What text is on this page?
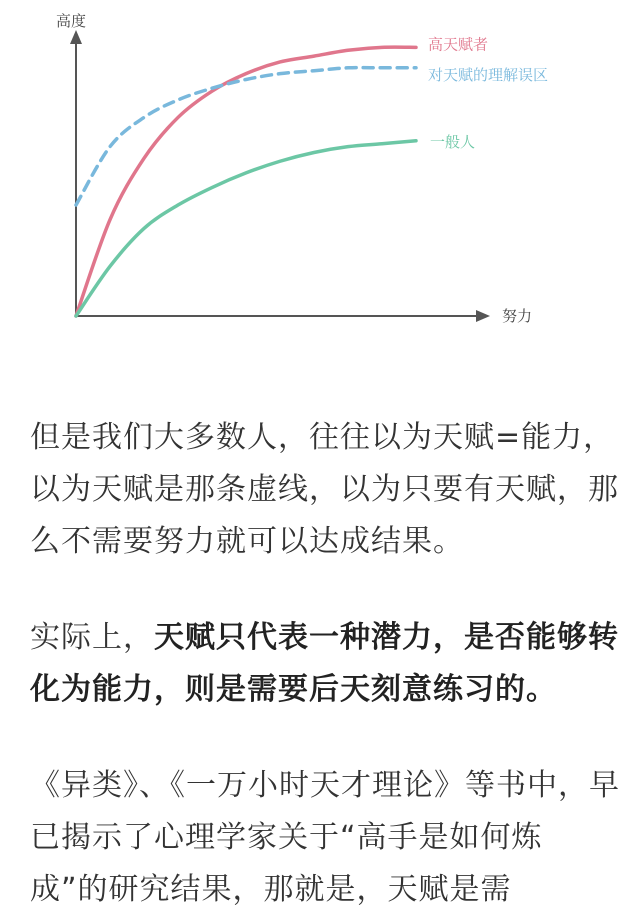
高度
努力
高天赋者
对天赋的理解误区
一般人

但是我们大多数人，往往以为天赋=能力，以为天赋是那条虚线，以为只要有天赋，那么不需要努力就可以达成结果。

实际上，天赋只代表一种潜力，是否能够转化为能力，则是需要后天刻意练习的。

《异类》、《一万小时天才理论》等书中，早已揭示了心理学家关于“高手是如何炼成”的研究结果，那就是，天赋是需
